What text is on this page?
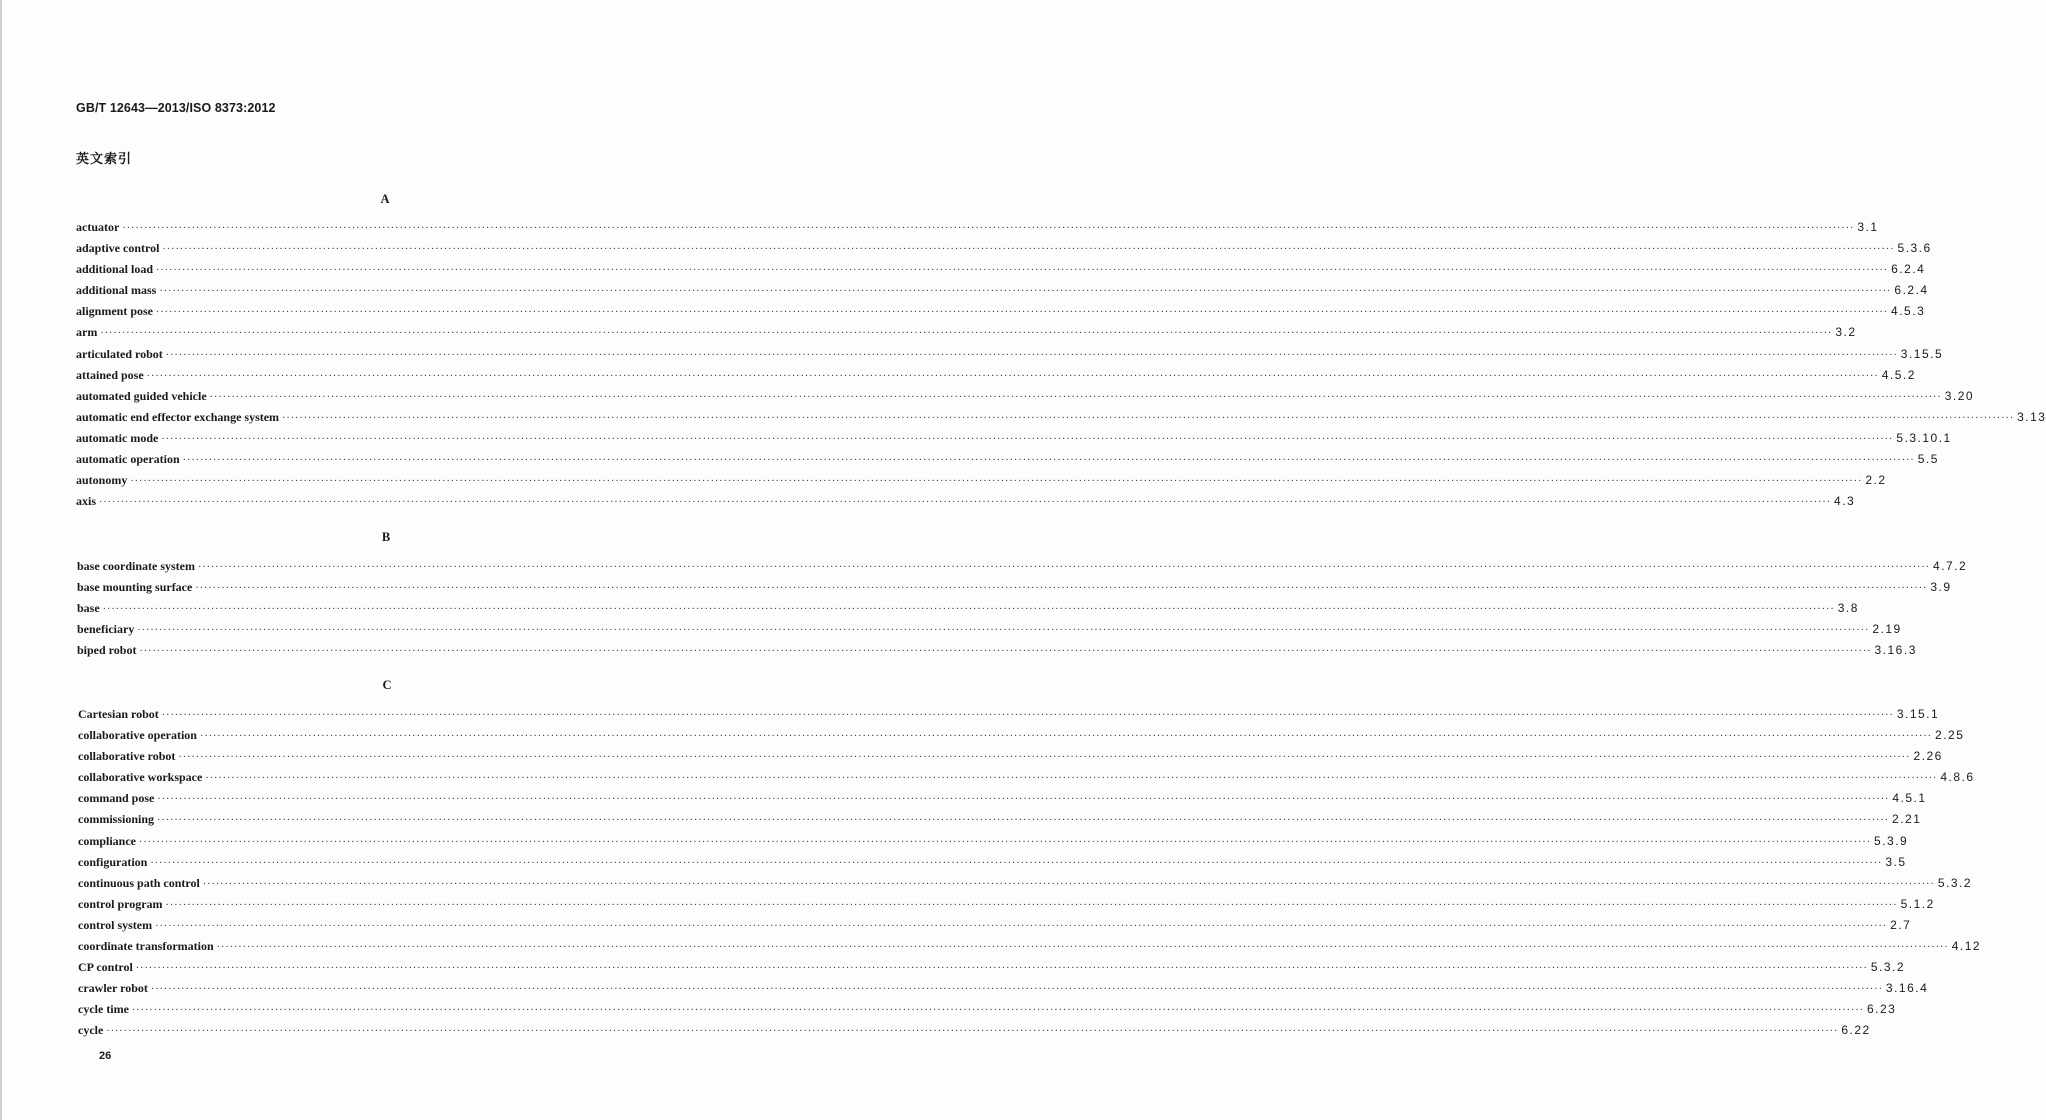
GB/T 12643—2013/ISO 8373:2012
英文索引
A
actuator ················································································································································································································································································································································································································ 3.1
adaptive control ················································································································································································································································································································································································································ 5.3.6
additional load ················································································································································································································································································································································································································ 6.2.4
additional mass ················································································································································································································································································································································································································ 6.2.4
alignment pose ················································································································································································································································································································································································································ 4.5.3
arm ················································································································································································································································································································································································································ 3.2
articulated robot ················································································································································································································································································································································································································ 3.15.5
attained pose ················································································································································································································································································································································································································ 4.5.2
automated guided vehicle ················································································································································································································································································································································································································ 3.20
automatic end effector exchange system ················································································································································································································································································································································································································ 3.13
automatic mode ················································································································································································································································································································································································································ 5.3.10.1
automatic operation ················································································································································································································································································································································································································ 5.5
autonomy ················································································································································································································································································································································································································ 2.2
axis ················································································································································································································································································································································································································ 4.3
B
base coordinate system ················································································································································································································································································································································································································ 4.7.2
base mounting surface ················································································································································································································································································································································································································ 3.9
base ················································································································································································································································································································································································································ 3.8
beneficiary ················································································································································································································································································································································································································ 2.19
biped robot ················································································································································································································································································································································································································ 3.16.3
C
Cartesian robot ················································································································································································································································································································································································································ 3.15.1
collaborative operation ················································································································································································································································································································································································································ 2.25
collaborative robot ················································································································································································································································································································································································································ 2.26
collaborative workspace ················································································································································································································································································································································································································ 4.8.6
command pose ················································································································································································································································································································································································································ 4.5.1
commissioning ················································································································································································································································································································································································································ 2.21
compliance ················································································································································································································································································································································································································ 5.3.9
configuration ················································································································································································································································································································································································································ 3.5
continuous path control ················································································································································································································································································································································································································ 5.3.2
control program ················································································································································································································································································································································································································ 5.1.2
control system ················································································································································································································································································································································································································ 2.7
coordinate transformation ················································································································································································································································································································································································································ 4.12
CP control ················································································································································································································································································································································································································ 5.3.2
crawler robot ················································································································································································································································································································································································································ 3.16.4
cycle time ················································································································································································································································································································································································································ 6.23
cycle ················································································································································································································································································································································································································ 6.22
26
